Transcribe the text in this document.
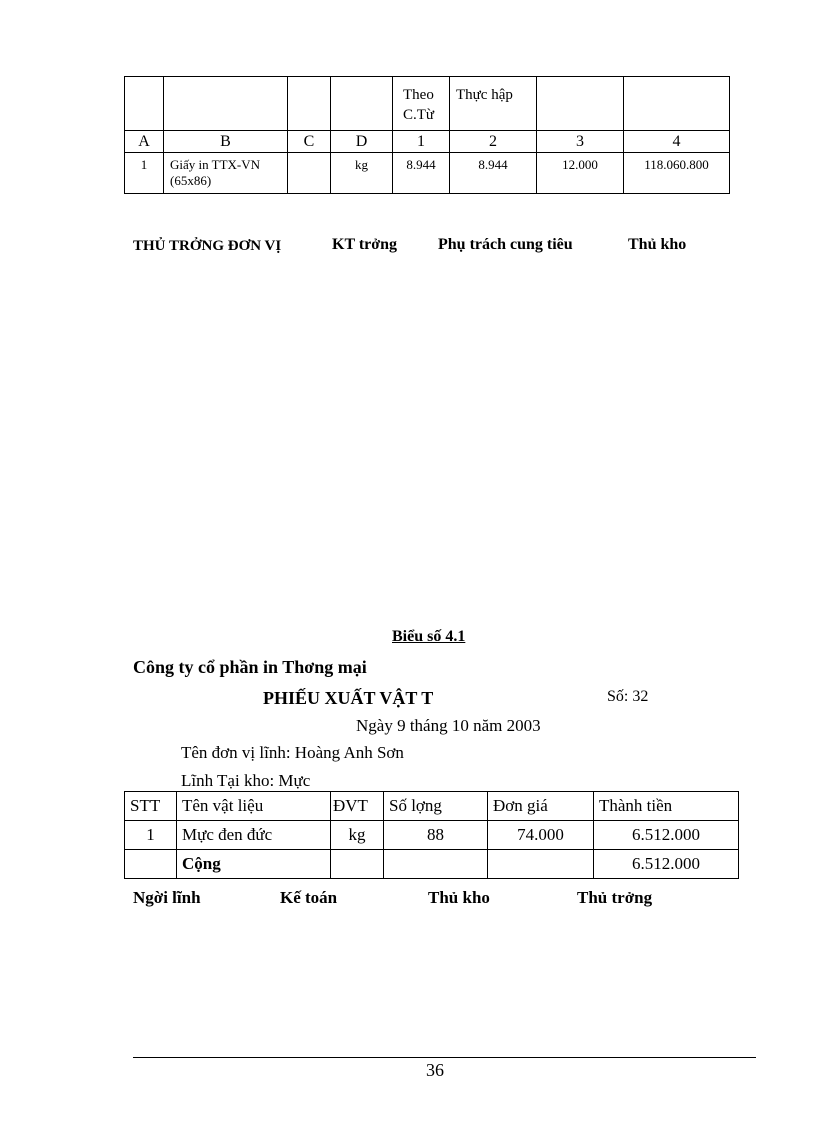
				Theo C.Từ	Thực hập		

A	B	C	D	1	2	3	4
1	Giấy in TTX-VN (65x86)		kg	8.944	8.944	12.000	118.060.800
THỦ TRỞNG ĐƠN VỊ	KT trởng	Phụ trách cung tiêu	Thủ kho
Biểu số 4.1
Công ty cổ phần in Thơng mại
PHIẾU XUẤT VẬT T	Số: 32
Ngày 9 tháng 10 năm 2003
Tên đơn vị lĩnh: Hoàng Anh Sơn
Lĩnh Tại kho: Mực
STT	Tên vật liệu	ĐVT	Số lợng	Đơn giá	Thành tiền
1	Mực đen đức	kg	88	74.000	6.512.000
	Cộng				6.512.000
Ngời lĩnh	Kế toán	Thủ kho	Thủ trởng
36
